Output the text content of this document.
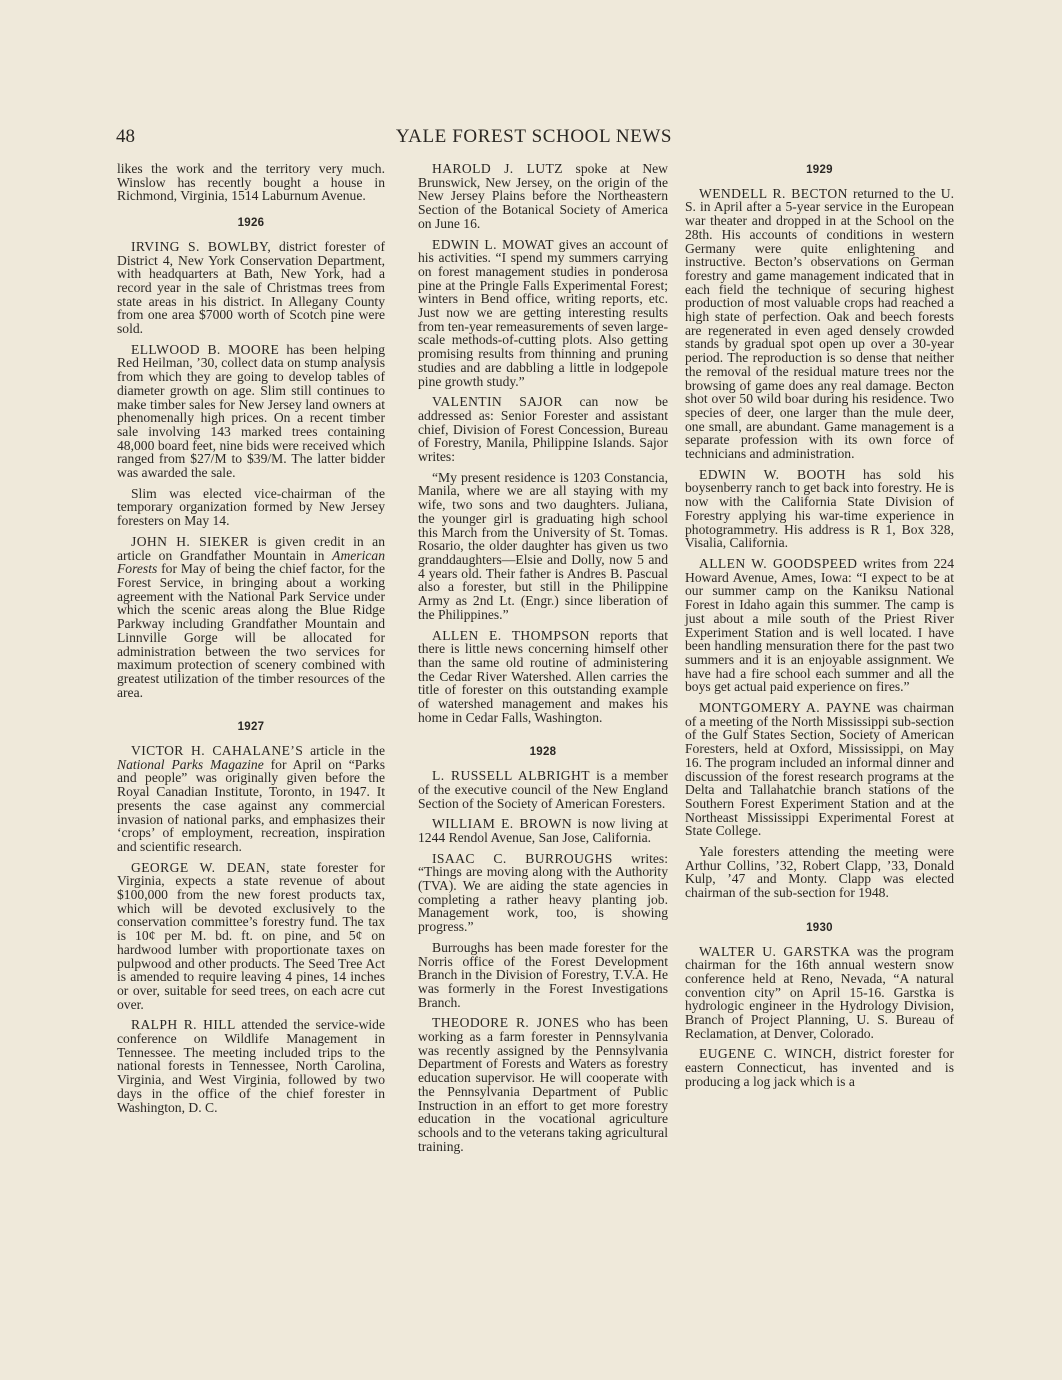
48	YALE FOREST SCHOOL NEWS

likes the work and the territory very much. Winslow has recently bought a house in Richmond, Virginia, 1514 Laburnum Avenue.

1926

IRVING S. BOWLBY, district forester of District 4, New York Conservation Department, with headquarters at Bath, New York, had a record year in the sale of Christmas trees from state areas in his district. In Allegany County from one area $7000 worth of Scotch pine were sold.

ELLWOOD B. MOORE has been helping Red Heilman, ’30, collect data on stump analysis from which they are going to develop tables of diameter growth on age. Slim still continues to make timber sales for New Jersey land owners at phenomenally high prices. On a recent timber sale involving 143 marked trees containing 48,000 board feet, nine bids were received which ranged from $27/M to $39/M. The latter bidder was awarded the sale.

Slim was elected vice-chairman of the temporary organization formed by New Jersey foresters on May 14.

JOHN H. SIEKER is given credit in an article on Grandfather Mountain in American Forests for May of being the chief factor, for the Forest Service, in bringing about a working agreement with the National Park Service under which the scenic areas along the Blue Ridge Parkway including Grandfather Mountain and Linnville Gorge will be allocated for administration between the two services for maximum protection of scenery combined with greatest utilization of the timber resources of the area.

1927

VICTOR H. CAHALANE’S article in the National Parks Magazine for April on “Parks and people” was originally given before the Royal Canadian Institute, Toronto, in 1947. It presents the case against any commercial invasion of national parks, and emphasizes their ‘crops’ of employment, recreation, inspiration and scientific research.

GEORGE W. DEAN, state forester for Virginia, expects a state revenue of about $100,000 from the new forest products tax, which will be devoted exclusively to the conservation committee’s forestry fund. The tax is 10¢ per M. bd. ft. on pine, and 5¢ on hardwood lumber with proportionate taxes on pulpwood and other products. The Seed Tree Act is amended to require leaving 4 pines, 14 inches or over, suitable for seed trees, on each acre cut over.

RALPH R. HILL attended the service-wide conference on Wildlife Management in Tennessee. The meeting included trips to the national forests in Tennessee, North Carolina, Virginia, and West Virginia, followed by two days in the office of the chief forester in Washington, D. C.

HAROLD J. LUTZ spoke at New Brunswick, New Jersey, on the origin of the New Jersey Plains before the Northeastern Section of the Botanical Society of America on June 16.

EDWIN L. MOWAT gives an account of his activities. “I spend my summers carrying on forest management studies in ponderosa pine at the Pringle Falls Experimental Forest; winters in Bend office, writing reports, etc. Just now we are getting interesting results from ten-year remeasurements of seven large-scale methods-of-cutting plots. Also getting promising results from thinning and pruning studies and are dabbling a little in lodgepole pine growth study.”

VALENTIN SAJOR can now be addressed as: Senior Forester and assistant chief, Division of Forest Concession, Bureau of Forestry, Manila, Philippine Islands. Sajor writes:

“My present residence is 1203 Constancia, Manila, where we are all staying with my wife, two sons and two daughters. Juliana, the younger girl is graduating high school this March from the University of St. Tomas. Rosario, the older daughter has given us two granddaughters—Elsie and Dolly, now 5 and 4 years old. Their father is Andres B. Pascual also a forester, but still in the Philippine Army as 2nd Lt. (Engr.) since liberation of the Philippines.”

ALLEN E. THOMPSON reports that there is little news concerning himself other than the same old routine of administering the Cedar River Watershed. Allen carries the title of forester on this outstanding example of watershed management and makes his home in Cedar Falls, Washington.

1928

L. RUSSELL ALBRIGHT is a member of the executive council of the New England Section of the Society of American Foresters.

WILLIAM E. BROWN is now living at 1244 Rendol Avenue, San Jose, California.

ISAAC C. BURROUGHS writes: “Things are moving along with the Authority (TVA). We are aiding the state agencies in completing a rather heavy planting job. Management work, too, is showing progress.”

Burroughs has been made forester for the Norris office of the Forest Development Branch in the Division of Forestry, T.V.A. He was formerly in the Forest Investigations Branch.

THEODORE R. JONES who has been working as a farm forester in Pennsylvania was recently assigned by the Pennsylvania Department of Forests and Waters as forestry education supervisor. He will cooperate with the Pennsylvania Department of Public Instruction in an effort to get more forestry education in the vocational agriculture schools and to the veterans taking agricultural training.

1929

WENDELL R. BECTON returned to the U. S. in April after a 5-year service in the European war theater and dropped in at the School on the 28th. His accounts of conditions in western Germany were quite enlightening and instructive. Becton’s observations on German forestry and game management indicated that in each field the technique of securing highest production of most valuable crops had reached a high state of perfection. Oak and beech forests are regenerated in even aged densely crowded stands by gradual spot open up over a 30-year period. The reproduction is so dense that neither the removal of the residual mature trees nor the browsing of game does any real damage. Becton shot over 50 wild boar during his residence. Two species of deer, one larger than the mule deer, one small, are abundant. Game management is a separate profession with its own force of technicians and administration.

EDWIN W. BOOTH has sold his boysenberry ranch to get back into forestry. He is now with the California State Division of Forestry applying his war-time experience in photogrammetry. His address is R 1, Box 328, Visalia, California.

ALLEN W. GOODSPEED writes from 224 Howard Avenue, Ames, Iowa: “I expect to be at our summer camp on the Kaniksu National Forest in Idaho again this summer. The camp is just about a mile south of the Priest River Experiment Station and is well located. I have been handling mensuration there for the past two summers and it is an enjoyable assignment. We have had a fire school each summer and all the boys get actual paid experience on fires.”

MONTGOMERY A. PAYNE was chairman of a meeting of the North Mississippi sub-section of the Gulf States Section, Society of American Foresters, held at Oxford, Mississippi, on May 16. The program included an informal dinner and discussion of the forest research programs at the Delta and Tallahatchie branch stations of the Southern Forest Experiment Station and at the Northeast Mississippi Experimental Forest at State College.

Yale foresters attending the meeting were Arthur Collins, ’32, Robert Clapp, ’33, Donald Kulp, ’47 and Monty. Clapp was elected chairman of the sub-section for 1948.

1930

WALTER U. GARSTKA was the program chairman for the 16th annual western snow conference held at Reno, Nevada, “A natural convention city” on April 15-16. Garstka is hydrologic engineer in the Hydrology Division, Branch of Project Planning, U. S. Bureau of Reclamation, at Denver, Colorado.

EUGENE C. WINCH, district forester for eastern Connecticut, has invented and is producing a log jack which is a
